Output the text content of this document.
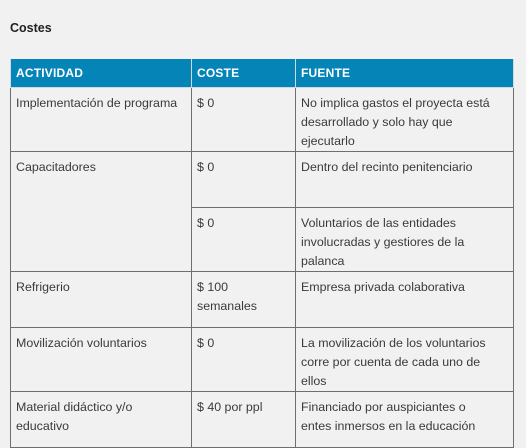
Costes
ACTIVIDAD	COSTE	FUENTE
Implementación de programa	$ 0	No implica gastos el proyecta está
desarrollado y solo hay que ejecutarlo
Capacitadores	$ 0	Dentro del recinto penitenciario
	$ 0	Voluntarios de las entidades
involucradas y gestiores de la palanca
Refrigerio	$ 100 semanales	Empresa privada colaborativa
Movilización voluntarios	$ 0	La movilización de los voluntarios
corre por cuenta de cada uno de ellos
Material didáctico y/o educativo	$ 40 por ppl	Financiado por auspiciantes o
entes inmersos en la educación
